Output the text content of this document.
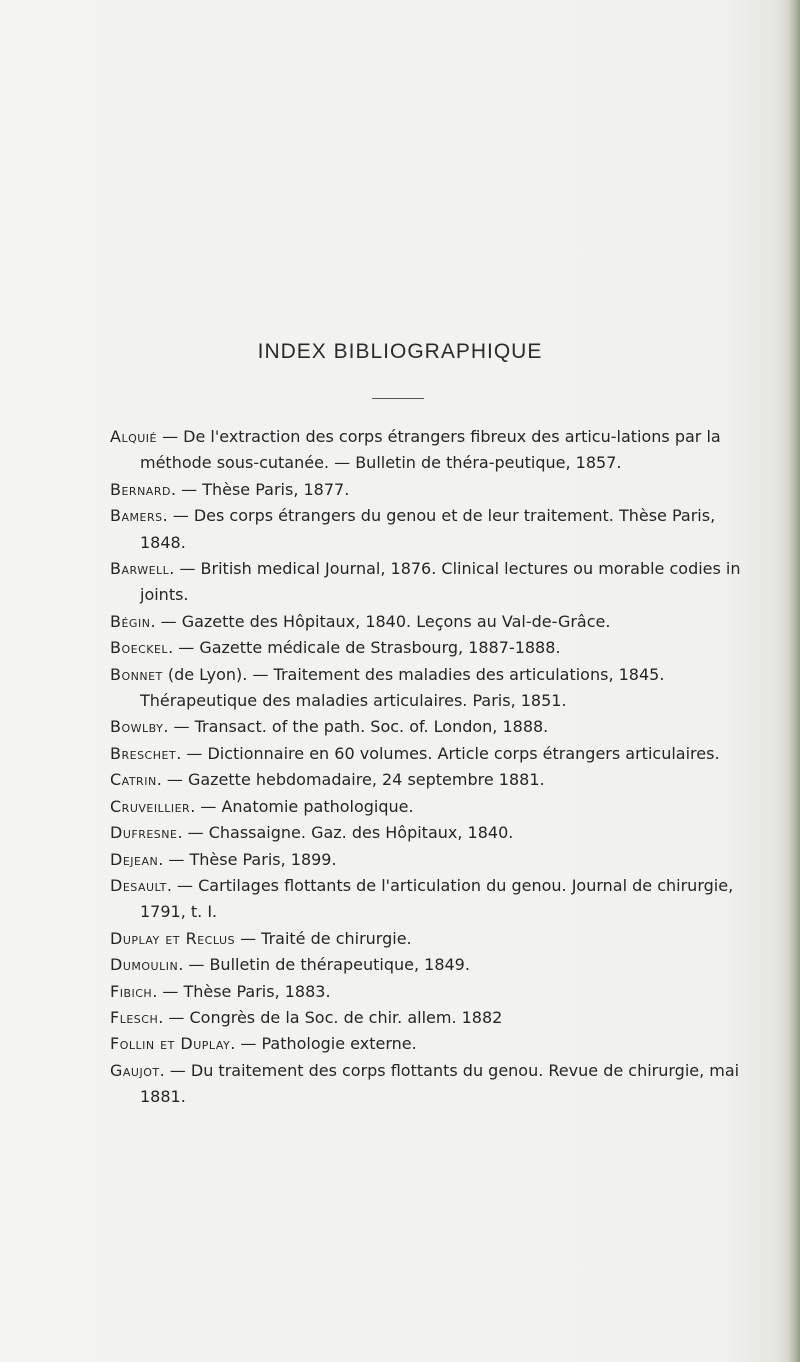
INDEX BIBLIOGRAPHIQUE
Alquié — De l'extraction des corps étrangers fibreux des articu-lations par la méthode sous-cutanée. — Bulletin de théra-peutique, 1857.
Bernard. — Thèse Paris, 1877.
Bamers. — Des corps étrangers du genou et de leur traitement. Thèse Paris, 1848.
Barwell. — British medical Journal, 1876. Clinical lectures ou morable codies in joints.
Bégin. — Gazette des Hôpitaux, 1840. Leçons au Val-de-Grâce.
Boeckel. — Gazette médicale de Strasbourg, 1887-1888.
Bonnet (de Lyon). — Traitement des maladies des articulations, 1845. Thérapeutique des maladies articulaires. Paris, 1851.
Bowlby. — Transact. of the path. Soc. of. London, 1888.
Breschet. — Dictionnaire en 60 volumes. Article corps étrangers articulaires.
Catrin. — Gazette hebdomadaire, 24 septembre 1881.
Cruveillier. — Anatomie pathologique.
Dufresne. — Chassaigne. Gaz. des Hôpitaux, 1840.
Dejean. — Thèse Paris, 1899.
Desault. — Cartilages flottants de l'articulation du genou. Journal de chirurgie, 1791, t. I.
Duplay et Reclus — Traité de chirurgie.
Dumoulin. — Bulletin de thérapeutique, 1849.
Fibich. — Thèse Paris, 1883.
Flesch. — Congrès de la Soc. de chir. allem. 1882
Follin et Duplay. — Pathologie externe.
Gaujot. — Du traitement des corps flottants du genou. Revue de chirurgie, mai 1881.
